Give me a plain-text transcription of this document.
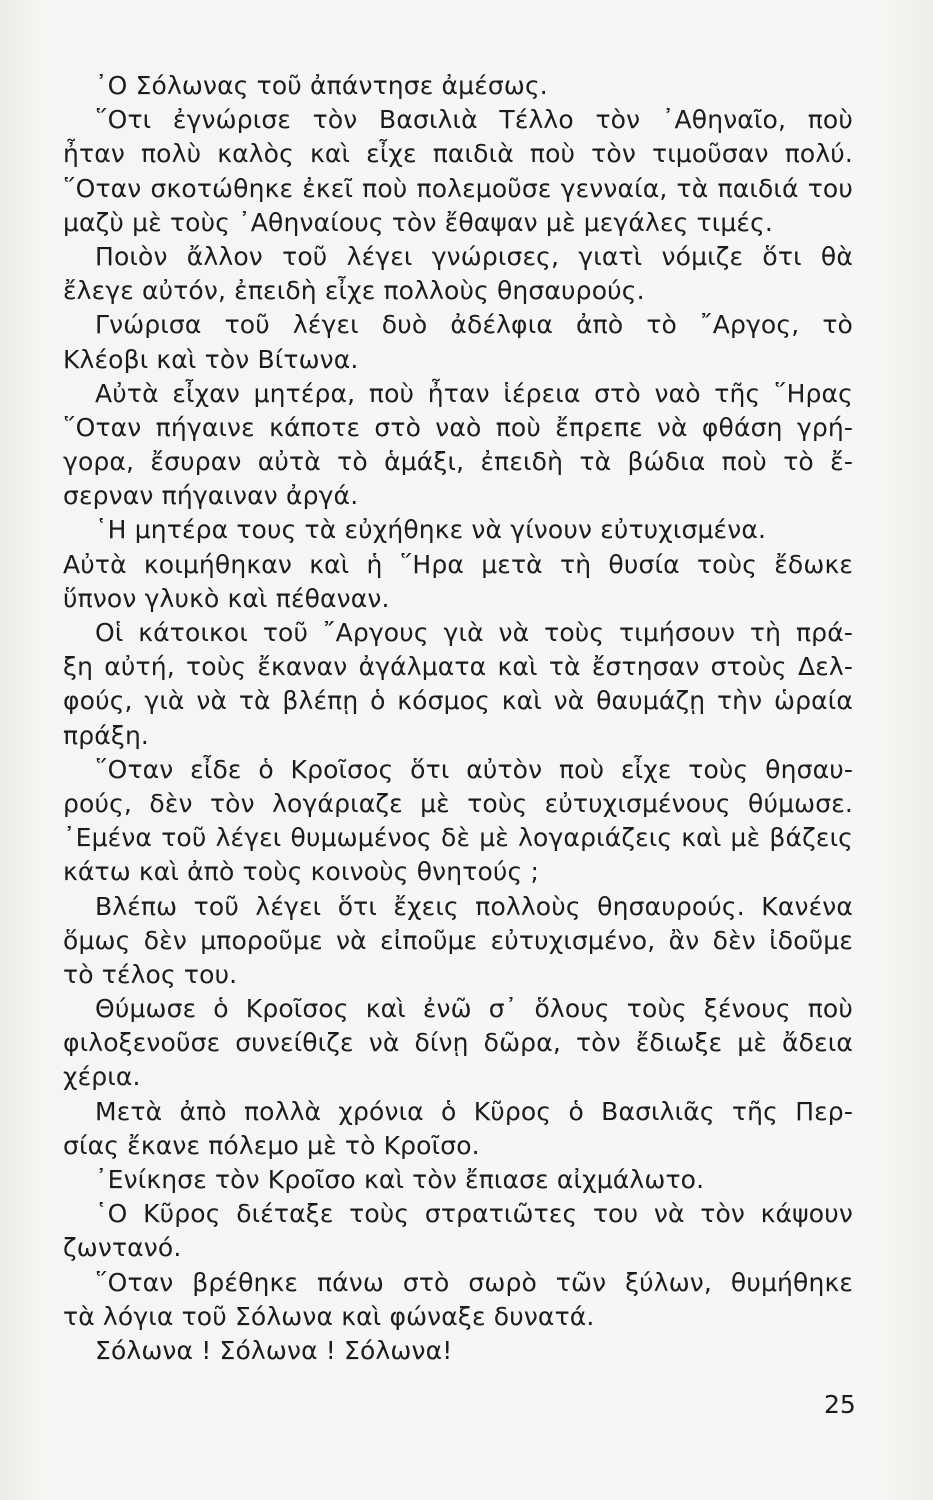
᾿Ο Σόλωνας τοῦ ἀπάντησε ἀμέσως.
῞Οτι ἐγνώρισε τὸν Βασιλιὰ Τέλλο τὸν ᾿Αθηναῖο, ποὺ
ἦταν πολὺ καλὸς καὶ εἶχε παιδιὰ ποὺ τὸν τιμοῦσαν πολύ.
῞Οταν σκοτώθηκε ἐκεῖ ποὺ πολεμοῦσε γενναία, τὰ παιδιά του
μαζὺ μὲ τοὺς ᾿Αθηναίους τὸν ἔθαψαν μὲ μεγάλες τιμές.
Ποιὸν ἄλλον τοῦ λέγει γνώρισες, γιατὶ νόμιζε ὅτι θὰ
ἔλεγε αὐτόν, ἐπειδὴ εἶχε πολλοὺς θησαυρούς.
Γνώρισα τοῦ λέγει δυὸ ἀδέλφια ἀπὸ τὸ ῎Αργος, τὸ
Κλέοβι καὶ τὸν Βίτωνα.
Αὐτὰ εἶχαν μητέρα, ποὺ ἦταν ἱέρεια στὸ ναὸ τῆς ῞Ηρας
῞Οταν πήγαινε κάποτε στὸ ναὸ ποὺ ἔπρεπε νὰ φθάση γρή-
γορα, ἔσυραν αὐτὰ τὸ ἁμάξι, ἐπειδὴ τὰ βώδια ποὺ τὸ ἔ-
σερναν πήγαιναν ἀργά.
῾Η μητέρα τους τὰ εὐχήθηκε νὰ γίνουν εὐτυχισμένα.
Αὐτὰ κοιμήθηκαν καὶ ἡ ῞Ηρα μετὰ τὴ θυσία τοὺς ἔδωκε
ὕπνον γλυκὸ καὶ πέθαναν.
Οἱ κάτοικοι τοῦ ῎Αργους γιὰ νὰ τοὺς τιμήσουν τὴ πρά-
ξη αὐτή, τοὺς ἔκαναν ἀγάλματα καὶ τὰ ἔστησαν στοὺς Δελ-
φούς, γιὰ νὰ τὰ βλέπῃ ὁ κόσμος καὶ νὰ θαυμάζῃ τὴν ὡραία
πράξη.
῞Οταν εἶδε ὁ Κροῖσος ὅτι αὐτὸν ποὺ εἶχε τοὺς θησαυ-
ρούς, δὲν τὸν λογάριαζε μὲ τοὺς εὐτυχισμένους θύμωσε.
᾿Εμένα τοῦ λέγει θυμωμένος δὲ μὲ λογαριάζεις καὶ μὲ βάζεις
κάτω καὶ ἀπὸ τοὺς κοινοὺς θνητούς ;
Βλέπω τοῦ λέγει ὅτι ἔχεις πολλοὺς θησαυρούς. Κανένα
ὅμως δὲν μποροῦμε νὰ εἰποῦμε εὐτυχισμένο, ἂν δὲν ἰδοῦμε
τὸ τέλος του.
Θύμωσε ὁ Κροῖσος καὶ ἐνῶ σ᾽ ὅλους τοὺς ξένους ποὺ
φιλοξενοῦσε συνείθιζε νὰ δίνῃ δῶρα, τὸν ἔδιωξε μὲ ἄδεια
χέρια.
Μετὰ ἀπὸ πολλὰ χρόνια ὁ Κῦρος ὁ Βασιλιᾶς τῆς Περ-
σίας ἔκανε πόλεμο μὲ τὸ Κροῖσο.
᾿Ενίκησε τὸν Κροῖσο καὶ τὸν ἔπιασε αἰχμάλωτο.
῾Ο Κῦρος διέταξε τοὺς στρατιῶτες του νὰ τὸν κάψουν
ζωντανό.
῞Οταν βρέθηκε πάνω στὸ σωρὸ τῶν ξύλων, θυμήθηκε
τὰ λόγια τοῦ Σόλωνα καὶ φώναξε δυνατά.
Σόλωνα ! Σόλωνα ! Σόλωνα!
25
